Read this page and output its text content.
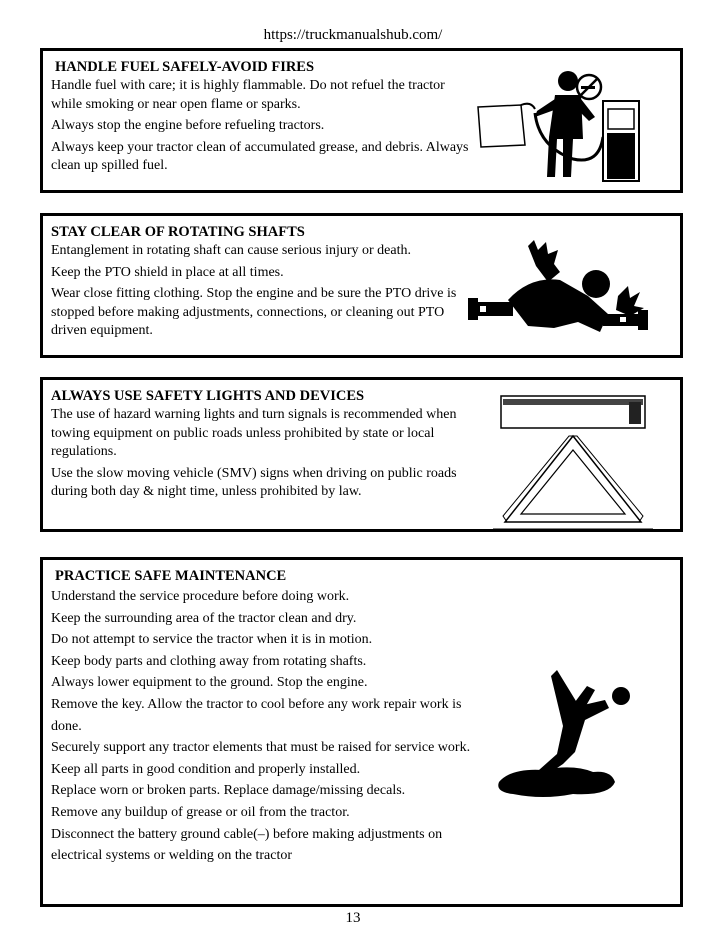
https://truckmanualshub.com/
HANDLE FUEL SAFELY-AVOID FIRES

Handle fuel with care; it is highly flammable. Do not refuel the tractor while smoking or near open flame or sparks.

Always stop the engine before refueling tractors.

Always keep your tractor clean of accumulated grease, and debris. Always clean up spilled fuel.

STAY CLEAR OF ROTATING SHAFTS

Entanglement in rotating shaft can cause serious injury or death.

Keep the PTO shield in place at all times.

Wear close fitting clothing. Stop the engine and be sure the PTO drive is stopped before making adjustments, connections, or cleaning out PTO driven equipment.

ALWAYS USE SAFETY LIGHTS AND DEVICES

The use of hazard warning lights and turn signals is recommended when towing equipment on public roads unless prohibited by state or local regulations.

Use the slow moving vehicle (SMV) signs when driving on public roads during both day & night time, unless prohibited by law.

PRACTICE SAFE MAINTENANCE

Understand the service procedure before doing work.

Keep the surrounding area of the tractor clean and dry.

Do not attempt to service the tractor when it is in motion.

Keep body parts and clothing away from rotating shafts.

Always lower equipment to the ground. Stop the engine.

Remove the key. Allow the tractor to cool before any work repair work is done.

Securely support any tractor elements that must be raised for service work.

Keep all parts in good condition and properly installed.

Replace worn or broken parts. Replace damage/missing decals.

Remove any buildup of grease or oil from the tractor.

Disconnect the battery ground cable(–) before making adjustments on electrical systems or welding on the tractor

13
